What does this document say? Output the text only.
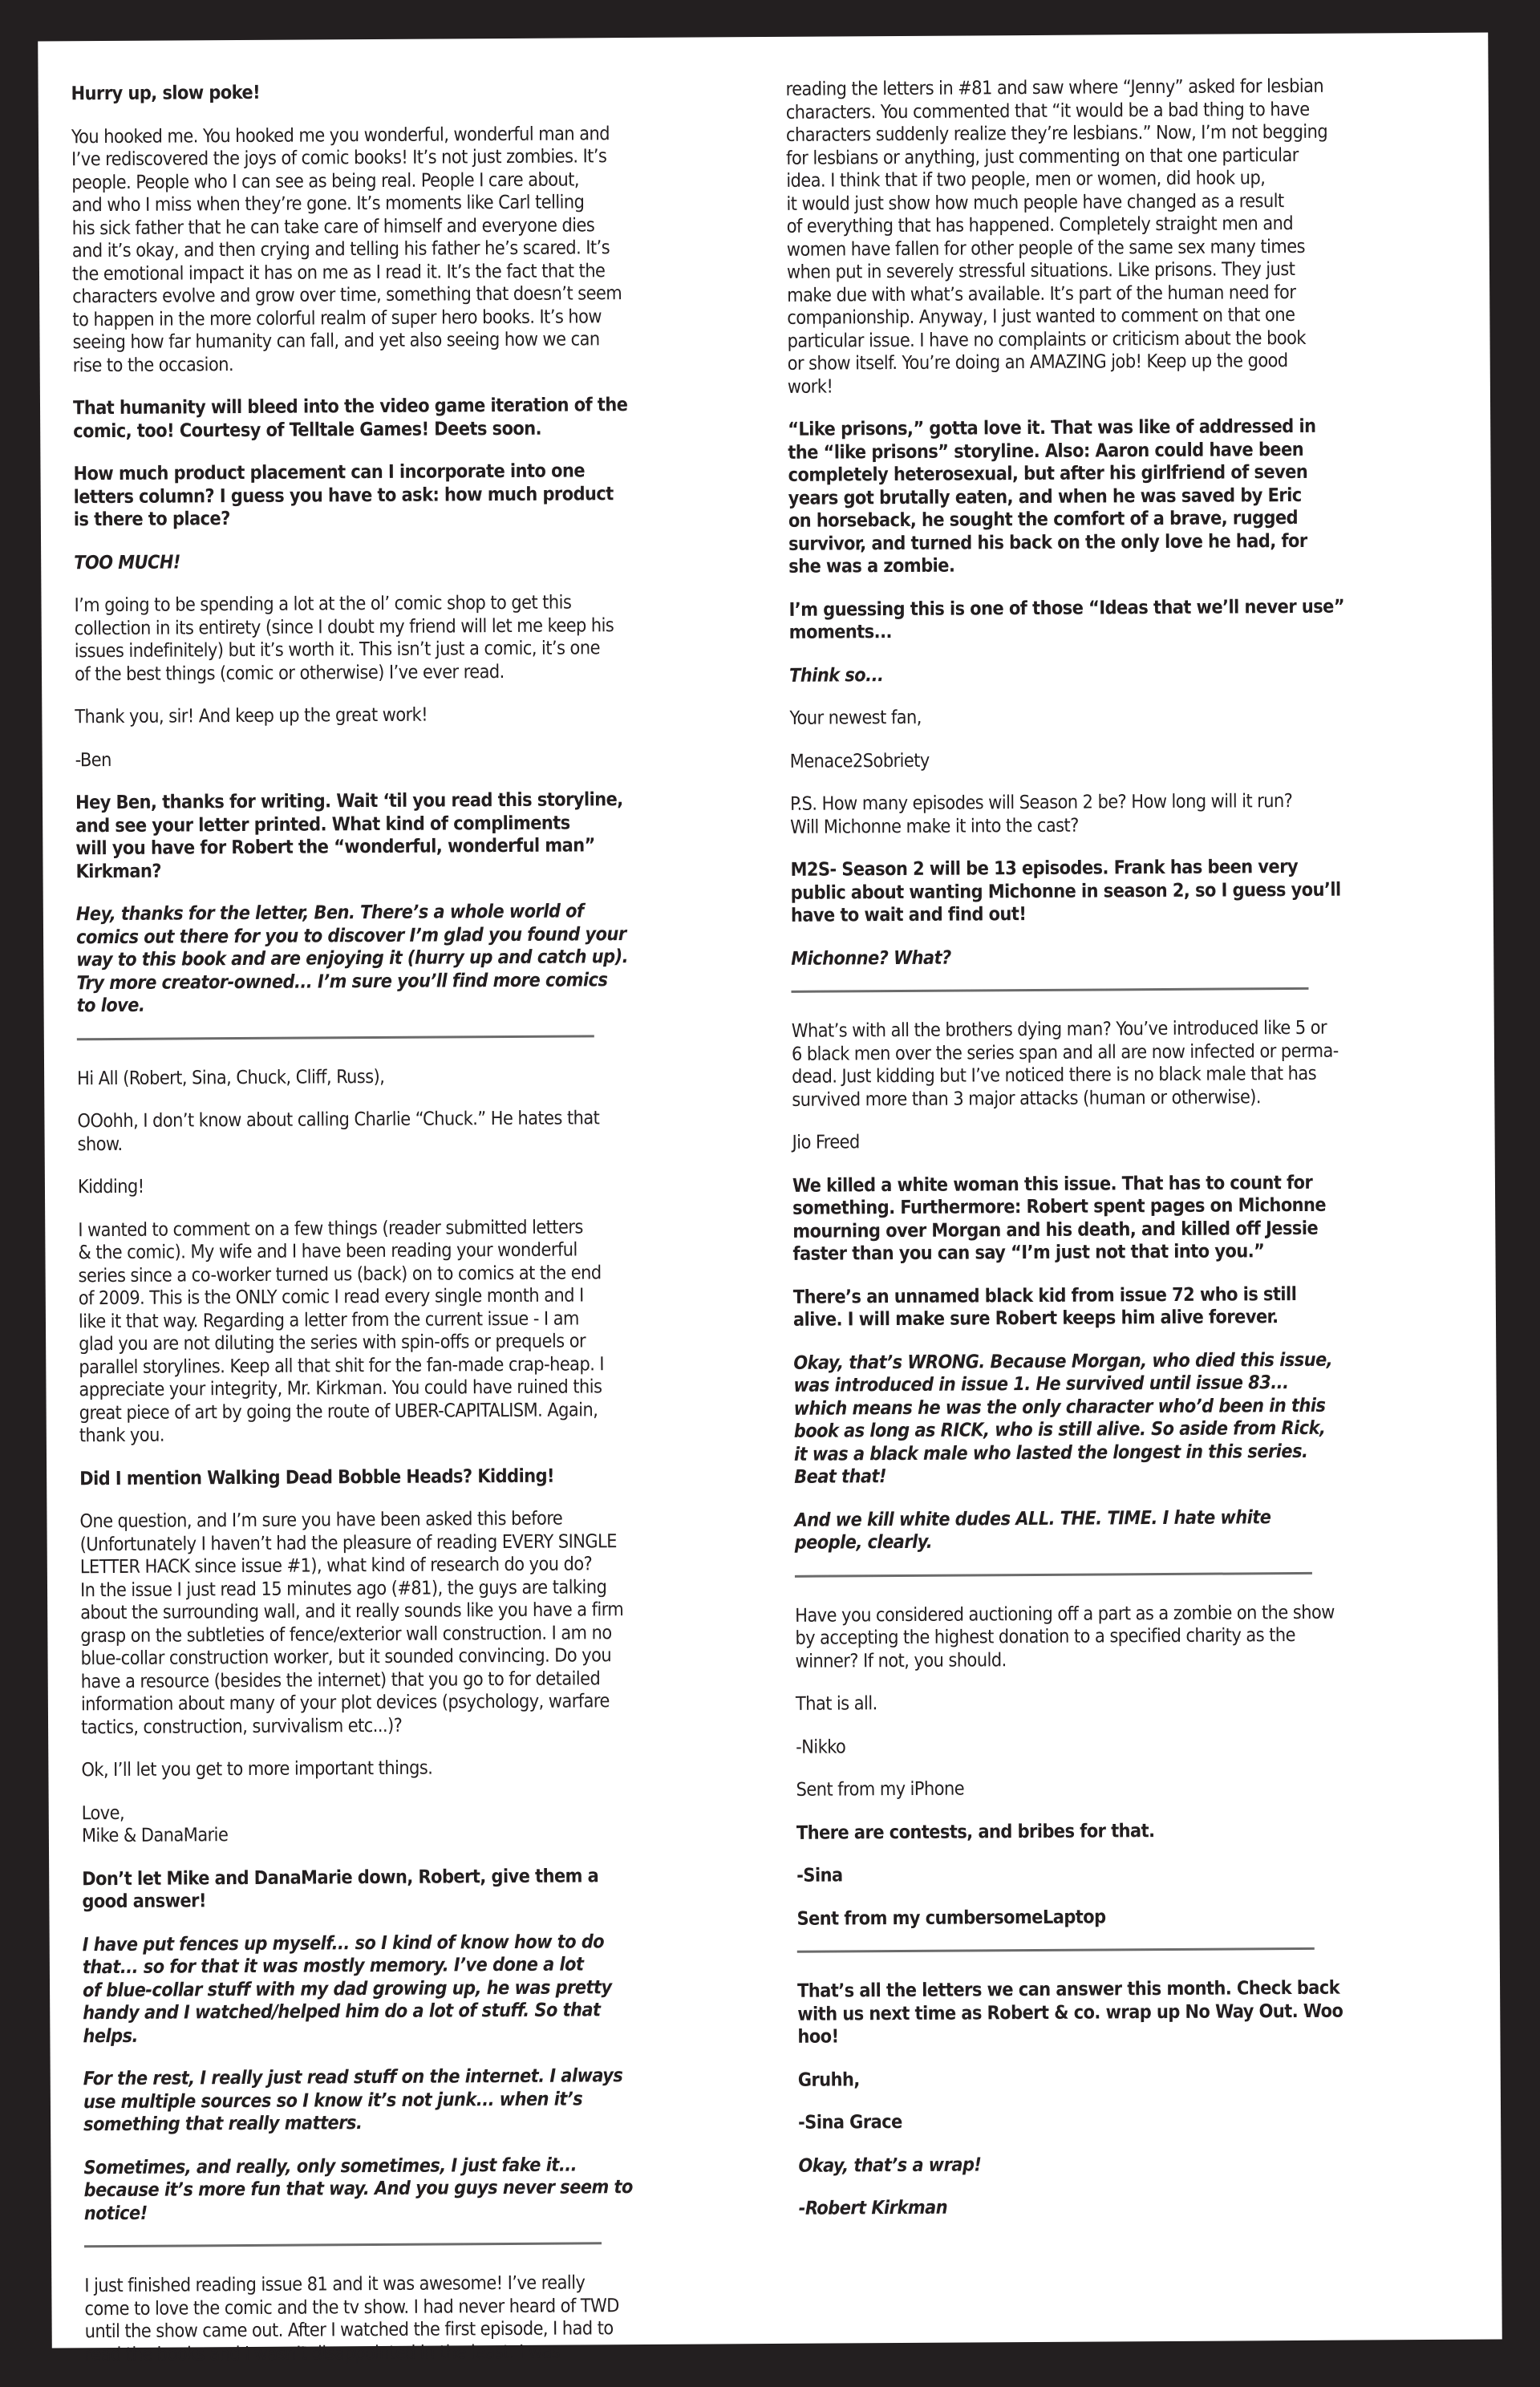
Hurry up, slow poke!
You hooked me. You hooked me you wonderful, wonderful man and
I’ve rediscovered the joys of comic books! It’s not just zombies. It’s
people. People who I can see as being real. People I care about,
and who I miss when they’re gone. It’s moments like Carl telling
his sick father that he can take care of himself and everyone dies
and it’s okay, and then crying and telling his father he’s scared. It’s
the emotional impact it has on me as I read it. It’s the fact that the
characters evolve and grow over time, something that doesn’t seem
to happen in the more colorful realm of super hero books. It’s how
seeing how far humanity can fall, and yet also seeing how we can
rise to the occasion.
That humanity will bleed into the video game iteration of the
comic, too! Courtesy of Telltale Games! Deets soon.
How much product placement can I incorporate into one
letters column? I guess you have to ask: how much product
is there to place?
TOO MUCH!
I’m going to be spending a lot at the ol’ comic shop to get this
collection in its entirety (since I doubt my friend will let me keep his
issues indefinitely) but it’s worth it. This isn’t just a comic, it’s one
of the best things (comic or otherwise) I’ve ever read.
Thank you, sir! And keep up the great work!
-Ben
Hey Ben, thanks for writing. Wait ‘til you read this storyline,
and see your letter printed. What kind of compliments
will you have for Robert the “wonderful, wonderful man”
Kirkman?
Hey, thanks for the letter, Ben. There’s a whole world of
comics out there for you to discover I’m glad you found your
way to this book and are enjoying it (hurry up and catch up).
Try more creator-owned... I’m sure you’ll find more comics
to love.
Hi All (Robert, Sina, Chuck, Cliff, Russ),
OOohh, I don’t know about calling Charlie “Chuck.” He hates that
show.
Kidding!
I wanted to comment on a few things (reader submitted letters
& the comic). My wife and I have been reading your wonderful
series since a co-worker turned us (back) on to comics at the end
of 2009. This is the ONLY comic I read every single month and I
like it that way. Regarding a letter from the current issue - I am
glad you are not diluting the series with spin-offs or prequels or
parallel storylines. Keep all that shit for the fan-made crap-heap. I
appreciate your integrity, Mr. Kirkman. You could have ruined this
great piece of art by going the route of UBER-CAPITALISM. Again,
thank you.
Did I mention Walking Dead Bobble Heads? Kidding!
One question, and I’m sure you have been asked this before
(Unfortunately I haven’t had the pleasure of reading EVERY SINGLE
LETTER HACK since issue #1), what kind of research do you do?
In the issue I just read 15 minutes ago (#81), the guys are talking
about the surrounding wall, and it really sounds like you have a firm
grasp on the subtleties of fence/exterior wall construction. I am no
blue-collar construction worker, but it sounded convincing. Do you
have a resource (besides the internet) that you go to for detailed
information about many of your plot devices (psychology, warfare
tactics, construction, survivalism etc...)?
Ok, I’ll let you get to more important things.
Love,
Mike & DanaMarie
Don’t let Mike and DanaMarie down, Robert, give them a
good answer!
I have put fences up myself... so I kind of know how to do
that... so for that it was mostly memory. I’ve done a lot
of blue-collar stuff with my dad growing up, he was pretty
handy and I watched/helped him do a lot of stuff. So that
helps.
For the rest, I really just read stuff on the internet. I always
use multiple sources so I know it’s not junk... when it’s
something that really matters.
Sometimes, and really, only sometimes, I just fake it...
because it’s more fun that way. And you guys never seem to
notice!
I just finished reading issue 81 and it was awesome! I’ve really
come to love the comic and the tv show. I had never heard of TWD
until the show came out. After I watched the first episode, I had to
read the books and I wasn’t disappointed in the least. I was
reading the letters in #81 and saw where “Jenny” asked for lesbian
characters. You commented that “it would be a bad thing to have
characters suddenly realize they’re lesbians.” Now, I’m not begging
for lesbians or anything, just commenting on that one particular
idea. I think that if two people, men or women, did hook up,
it would just show how much people have changed as a result
of everything that has happened. Completely straight men and
women have fallen for other people of the same sex many times
when put in severely stressful situations. Like prisons. They just
make due with what’s available. It’s part of the human need for
companionship. Anyway, I just wanted to comment on that one
particular issue. I have no complaints or criticism about the book
or show itself. You’re doing an AMAZING job! Keep up the good
work!
“Like prisons,” gotta love it. That was like of addressed in
the “like prisons” storyline. Also: Aaron could have been
completely heterosexual, but after his girlfriend of seven
years got brutally eaten, and when he was saved by Eric
on horseback, he sought the comfort of a brave, rugged
survivor, and turned his back on the only love he had, for
she was a zombie.
I’m guessing this is one of those “Ideas that we’ll never use”
moments...
Think so...
Your newest fan,
Menace2Sobriety
P.S. How many episodes will Season 2 be? How long will it run?
Will Michonne make it into the cast?
M2S- Season 2 will be 13 episodes. Frank has been very
public about wanting Michonne in season 2, so I guess you’ll
have to wait and find out!
Michonne? What?
What’s with all the brothers dying man? You’ve introduced like 5 or
6 black men over the series span and all are now infected or perma-
dead. Just kidding but I’ve noticed there is no black male that has
survived more than 3 major attacks (human or otherwise).
Jio Freed
We killed a white woman this issue. That has to count for
something. Furthermore: Robert spent pages on Michonne
mourning over Morgan and his death, and killed off Jessie
faster than you can say “I’m just not that into you.”
There’s an unnamed black kid from issue 72 who is still
alive. I will make sure Robert keeps him alive forever.
Okay, that’s WRONG. Because Morgan, who died this issue,
was introduced in issue 1. He survived until issue 83...
which means he was the only character who’d been in this
book as long as RICK, who is still alive. So aside from Rick,
it was a black male who lasted the longest in this series.
Beat that!
And we kill white dudes ALL. THE. TIME. I hate white
people, clearly.
Have you considered auctioning off a part as a zombie on the show
by accepting the highest donation to a specified charity as the
winner? If not, you should.
That is all.
-Nikko
Sent from my iPhone
There are contests, and bribes for that.
-Sina
Sent from my cumbersomeLaptop
That’s all the letters we can answer this month. Check back
with us next time as Robert & co. wrap up No Way Out. Woo
hoo!
Gruhh,
-Sina Grace
Okay, that’s a wrap!
-Robert Kirkman
